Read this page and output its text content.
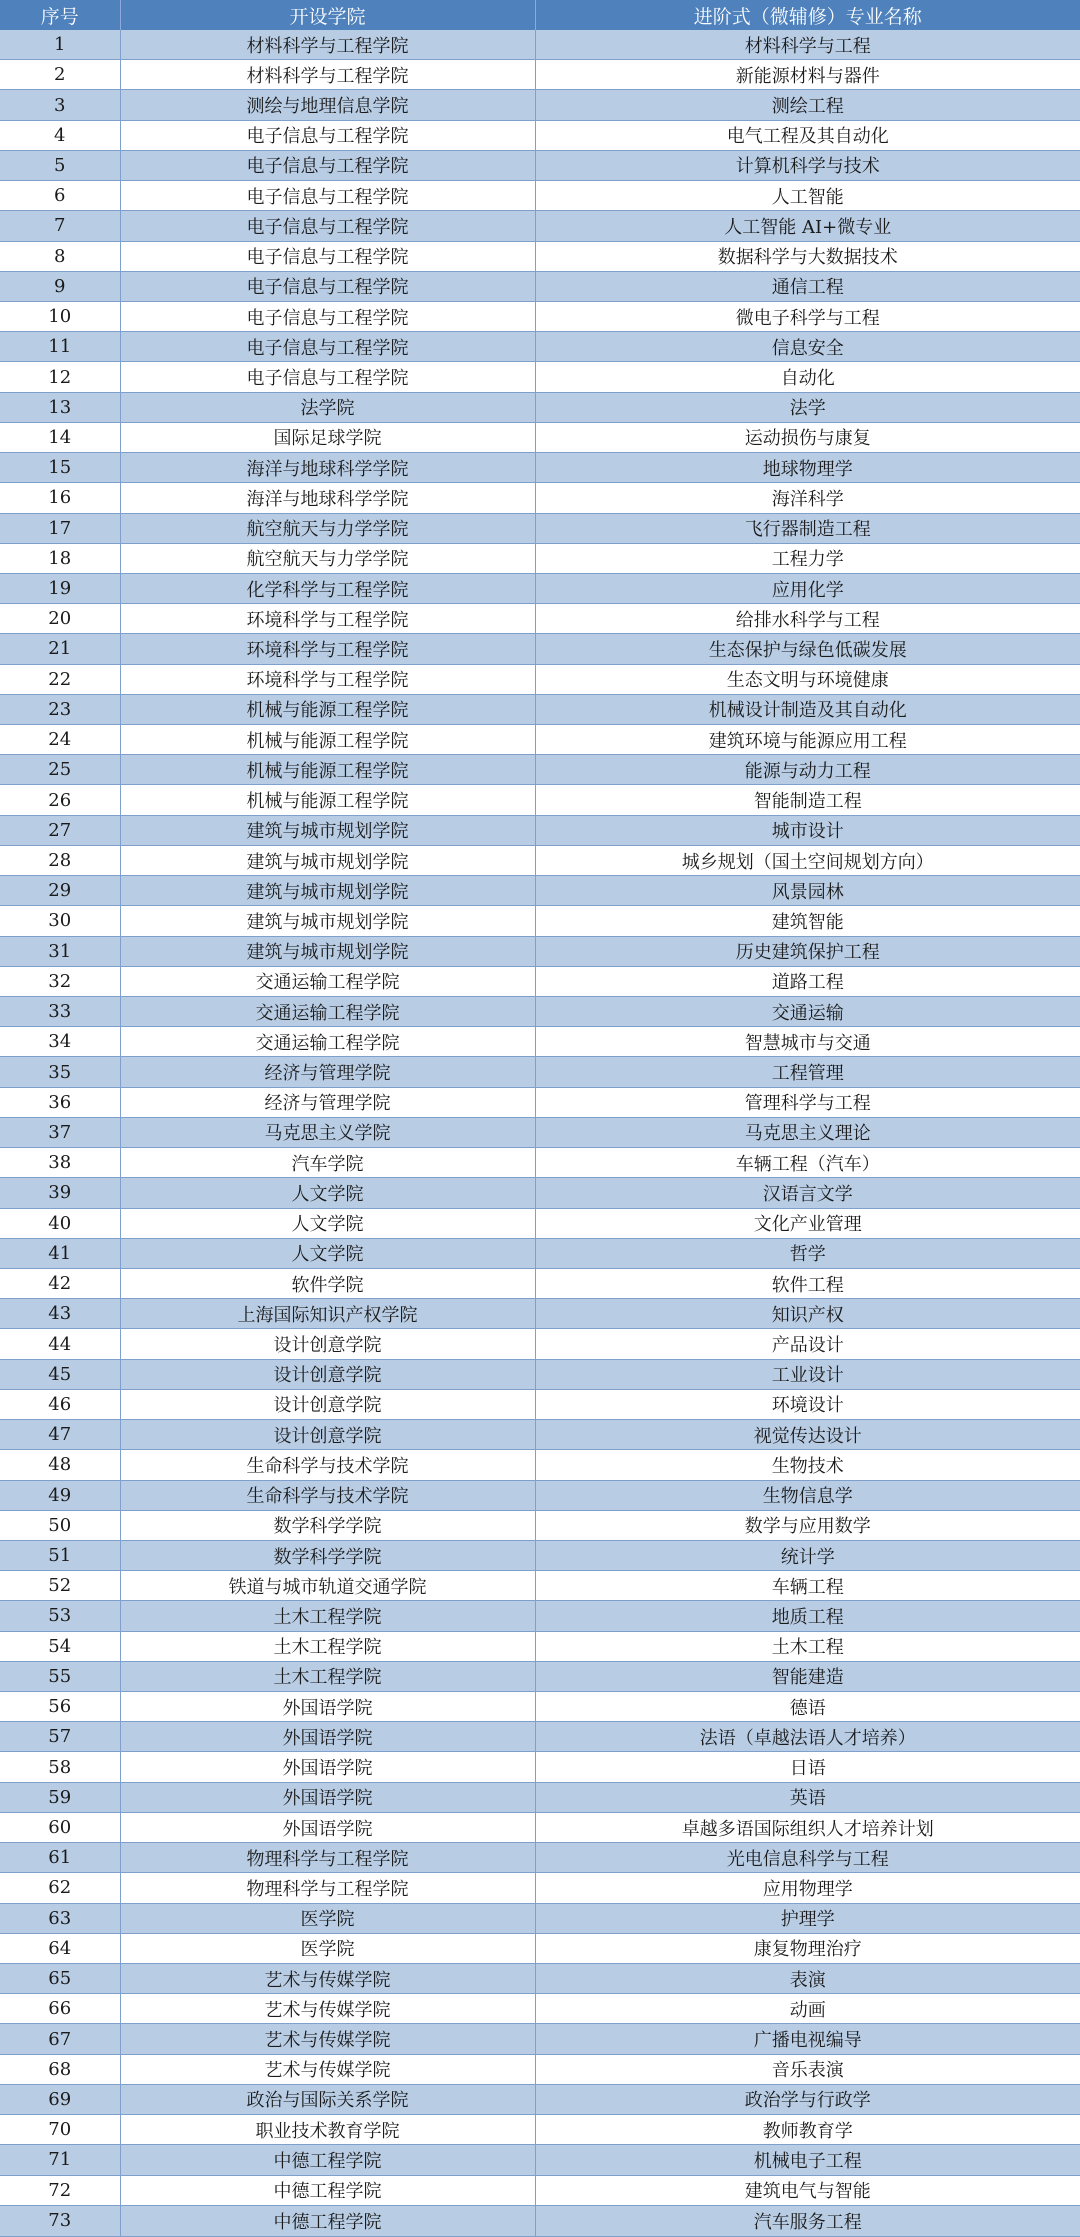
序号	开设学院	进阶式（微辅修）专业名称
1	材料科学与工程学院	材料科学与工程
2	材料科学与工程学院	新能源材料与器件
3	测绘与地理信息学院	测绘工程
4	电子信息与工程学院	电气工程及其自动化
5	电子信息与工程学院	计算机科学与技术
6	电子信息与工程学院	人工智能
7	电子信息与工程学院	人工智能 AI+微专业
8	电子信息与工程学院	数据科学与大数据技术
9	电子信息与工程学院	通信工程
10	电子信息与工程学院	微电子科学与工程
11	电子信息与工程学院	信息安全
12	电子信息与工程学院	自动化
13	法学院	法学
14	国际足球学院	运动损伤与康复
15	海洋与地球科学学院	地球物理学
16	海洋与地球科学学院	海洋科学
17	航空航天与力学学院	飞行器制造工程
18	航空航天与力学学院	工程力学
19	化学科学与工程学院	应用化学
20	环境科学与工程学院	给排水科学与工程
21	环境科学与工程学院	生态保护与绿色低碳发展
22	环境科学与工程学院	生态文明与环境健康
23	机械与能源工程学院	机械设计制造及其自动化
24	机械与能源工程学院	建筑环境与能源应用工程
25	机械与能源工程学院	能源与动力工程
26	机械与能源工程学院	智能制造工程
27	建筑与城市规划学院	城市设计
28	建筑与城市规划学院	城乡规划（国土空间规划方向）
29	建筑与城市规划学院	风景园林
30	建筑与城市规划学院	建筑智能
31	建筑与城市规划学院	历史建筑保护工程
32	交通运输工程学院	道路工程
33	交通运输工程学院	交通运输
34	交通运输工程学院	智慧城市与交通
35	经济与管理学院	工程管理
36	经济与管理学院	管理科学与工程
37	马克思主义学院	马克思主义理论
38	汽车学院	车辆工程（汽车）
39	人文学院	汉语言文学
40	人文学院	文化产业管理
41	人文学院	哲学
42	软件学院	软件工程
43	上海国际知识产权学院	知识产权
44	设计创意学院	产品设计
45	设计创意学院	工业设计
46	设计创意学院	环境设计
47	设计创意学院	视觉传达设计
48	生命科学与技术学院	生物技术
49	生命科学与技术学院	生物信息学
50	数学科学学院	数学与应用数学
51	数学科学学院	统计学
52	铁道与城市轨道交通学院	车辆工程
53	土木工程学院	地质工程
54	土木工程学院	土木工程
55	土木工程学院	智能建造
56	外国语学院	德语
57	外国语学院	法语（卓越法语人才培养）
58	外国语学院	日语
59	外国语学院	英语
60	外国语学院	卓越多语国际组织人才培养计划
61	物理科学与工程学院	光电信息科学与工程
62	物理科学与工程学院	应用物理学
63	医学院	护理学
64	医学院	康复物理治疗
65	艺术与传媒学院	表演
66	艺术与传媒学院	动画
67	艺术与传媒学院	广播电视编导
68	艺术与传媒学院	音乐表演
69	政治与国际关系学院	政治学与行政学
70	职业技术教育学院	教师教育学
71	中德工程学院	机械电子工程
72	中德工程学院	建筑电气与智能
73	中德工程学院	汽车服务工程
